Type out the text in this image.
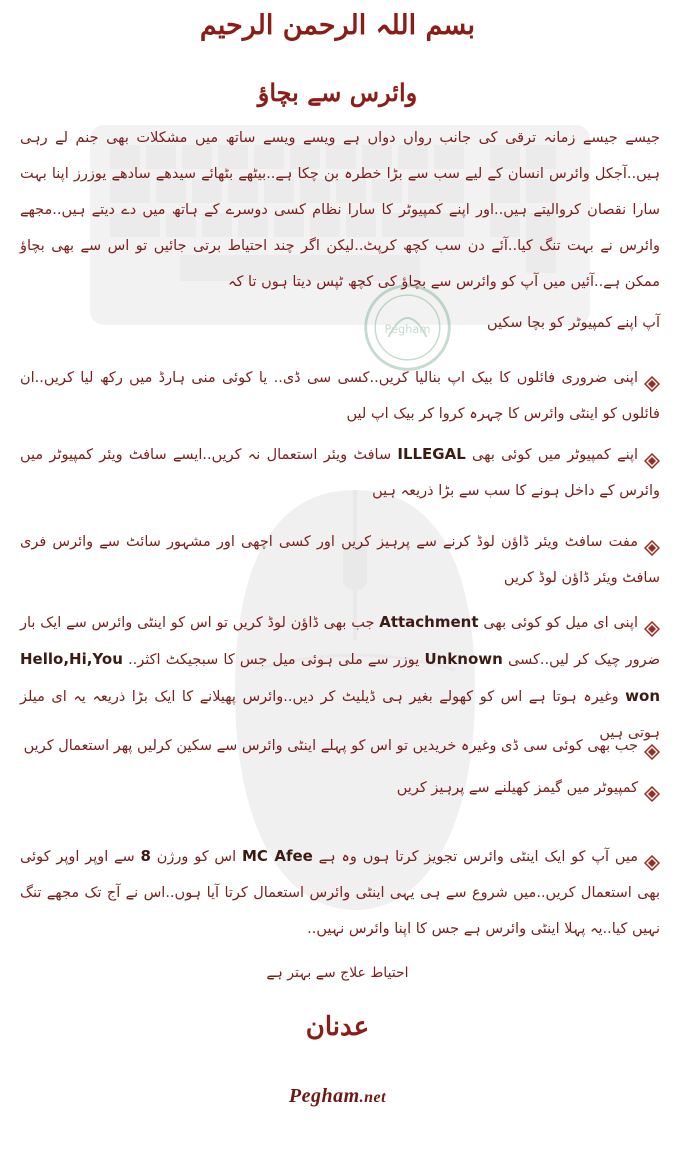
Pegham
بسم اللہ الرحمن الرحیم
وائرس سے بچاؤ
جیسے جیسے زمانہ ترقی کی جانب رواں دواں ہے ویسے ویسے ساتھ میں مشکلات بھی جنم لے رہی ہیں..آجکل وائرس انسان کے لیے سب سے بڑا خطرہ بن چکا ہے..بیٹھے بٹھائے سیدھے سادھے یوزرز اپنا بہت سارا نقصان کروالیتے ہیں..اور اپنے کمپیوٹر کا سارا نظام کسی دوسرے کے ہاتھ میں دے دیتے ہیں..مجھے وائرس نے بہت تنگ کیا..آئے دن سب کچھ کرپٹ..لیکن اگر چند احتیاط برتی جائیں تو اس سے بھی بچاؤ ممکن ہے..آئیں میں آپ کو وائرس سے بچاؤ کی کچھ ٹپس دیتا ہوں تا کہ
آپ اپنے کمپیوٹر کو بچا سکیں
اپنی ضروری فائلوں کا بیک اپ بنالیا کریں..کسی سی ڈی.. یا کوئی منی ہارڈ میں رکھ لیا کریں..ان فائلوں کو اینٹی وائرس کا چہرہ کروا کر بیک اپ لیں
اپنے کمپیوٹر میں کوئی بھی ILLEGAL سافٹ ویئر استعمال نہ کریں..ایسے سافٹ ویئر کمپیوٹر میں وائرس کے داخل ہونے کا سب سے بڑا ذریعہ ہیں
مفت سافٹ ویئر ڈاؤن لوڈ کرنے سے پرہیز کریں اور کسی اچھی اور مشہور سائٹ سے وائرس فری سافٹ ویئر ڈاؤن لوڈ کریں
اپنی ای میل کو کوئی بھی Attachment جب بھی ڈاؤن لوڈ کریں تو اس کو اینٹی وائرس سے ایک بار ضرور چیک کر لیں..کسی Unknown یوزر سے ملی ہوئی میل جس کا سبجیکٹ اکثر.. Hello,Hi,You won وغیرہ ہوتا ہے اس کو کھولے بغیر ہی ڈیلیٹ کر دیں..وائرس پھیلانے کا ایک بڑا ذریعہ یہ ای میلز ہوتی ہیں
جب بھی کوئی سی ڈی وغیرہ خریدیں تو اس کو پہلے اینٹی وائرس سے سکین کرلیں پھر استعمال کریں
کمپیوٹر میں گیمز کھیلنے سے پرہیز کریں
میں آپ کو ایک اینٹی وائرس تجویز کرتا ہوں وہ ہے MC Afee اس کو ورژن 8 سے اوپر اوپر کوئی بھی استعمال کریں..میں شروع سے ہی یہی اینٹی وائرس استعمال کرتا آیا ہوں..اس نے آج تک مجھے تنگ نہیں کیا..یہ پہلا اینٹی وائرس ہے جس کا اپنا وائرس نہیں..
احتیاط علاج سے بہتر ہے
عدنان
Pegham.net
